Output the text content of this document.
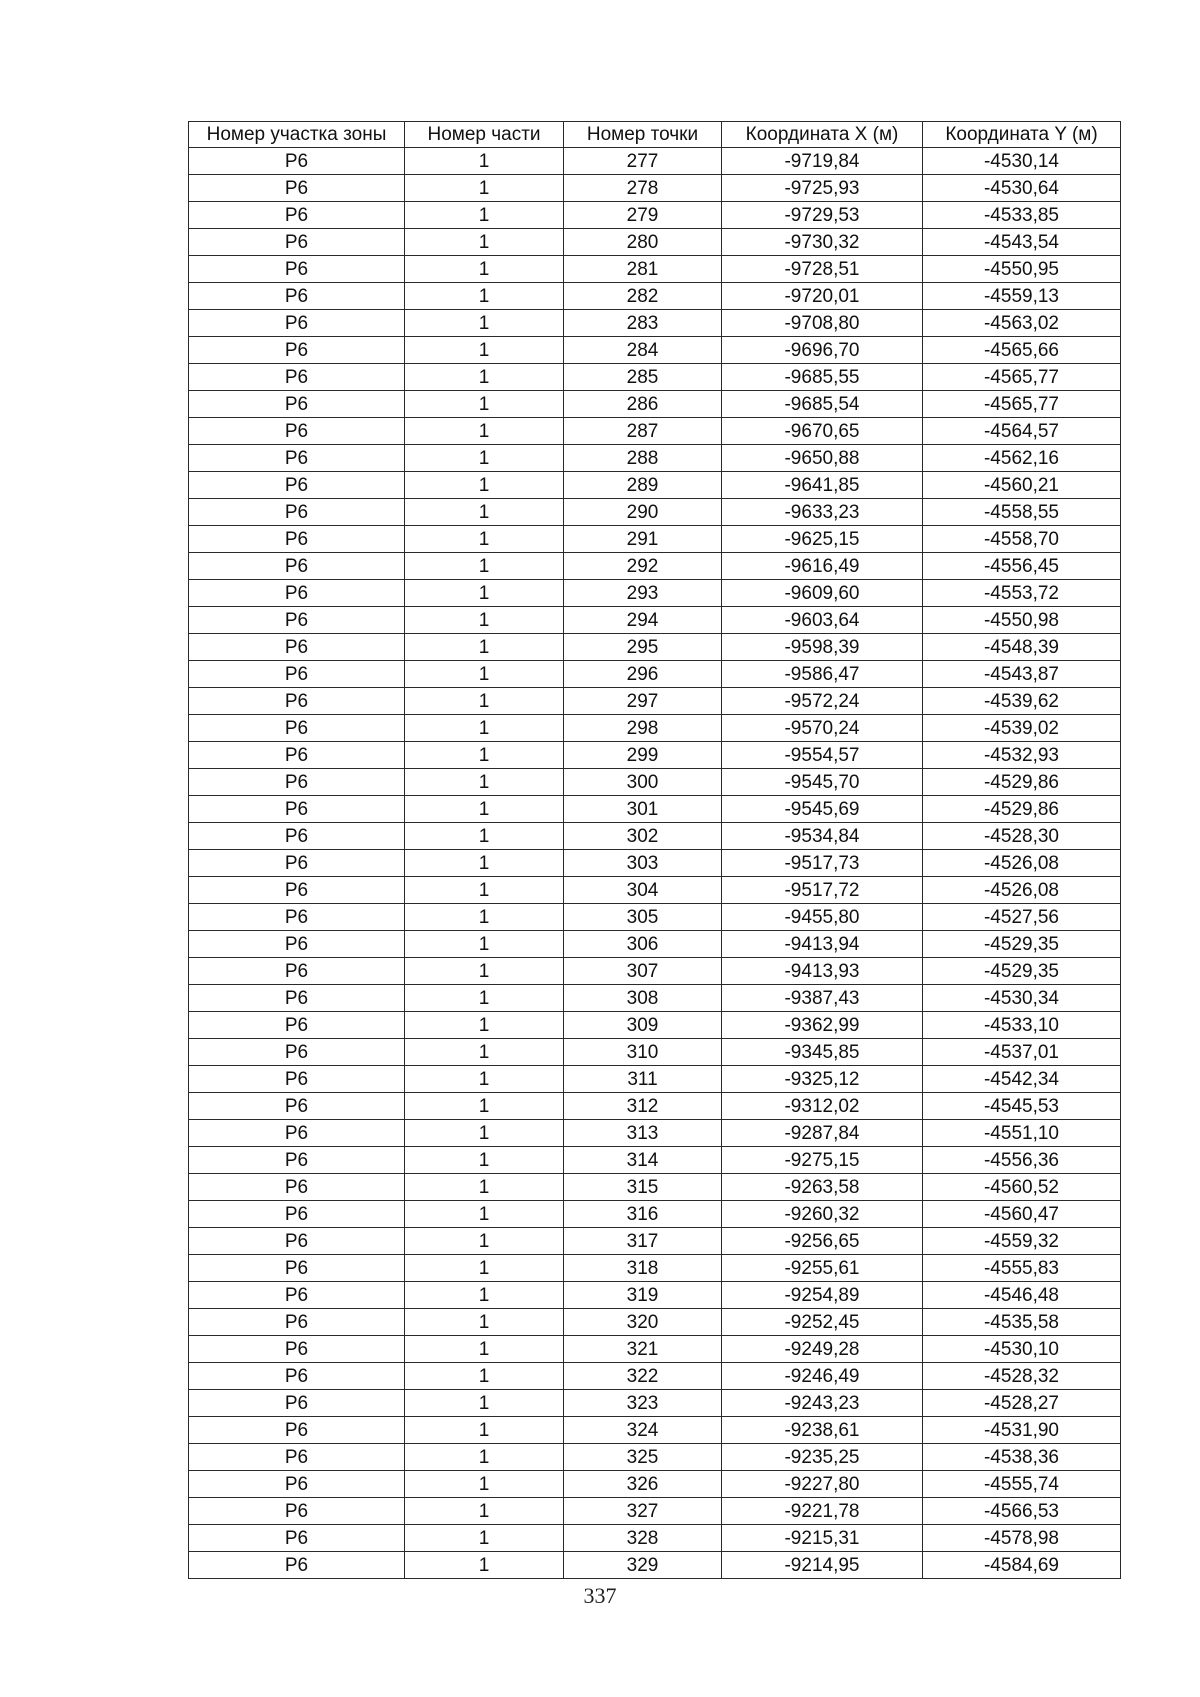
Номер участка зоны	Номер части	Номер точки	Координата X (м)	Координата Y (м)
Р6	1	277	-9719,84	-4530,14
Р6	1	278	-9725,93	-4530,64
Р6	1	279	-9729,53	-4533,85
Р6	1	280	-9730,32	-4543,54
Р6	1	281	-9728,51	-4550,95
Р6	1	282	-9720,01	-4559,13
Р6	1	283	-9708,80	-4563,02
Р6	1	284	-9696,70	-4565,66
Р6	1	285	-9685,55	-4565,77
Р6	1	286	-9685,54	-4565,77
Р6	1	287	-9670,65	-4564,57
Р6	1	288	-9650,88	-4562,16
Р6	1	289	-9641,85	-4560,21
Р6	1	290	-9633,23	-4558,55
Р6	1	291	-9625,15	-4558,70
Р6	1	292	-9616,49	-4556,45
Р6	1	293	-9609,60	-4553,72
Р6	1	294	-9603,64	-4550,98
Р6	1	295	-9598,39	-4548,39
Р6	1	296	-9586,47	-4543,87
Р6	1	297	-9572,24	-4539,62
Р6	1	298	-9570,24	-4539,02
Р6	1	299	-9554,57	-4532,93
Р6	1	300	-9545,70	-4529,86
Р6	1	301	-9545,69	-4529,86
Р6	1	302	-9534,84	-4528,30
Р6	1	303	-9517,73	-4526,08
Р6	1	304	-9517,72	-4526,08
Р6	1	305	-9455,80	-4527,56
Р6	1	306	-9413,94	-4529,35
Р6	1	307	-9413,93	-4529,35
Р6	1	308	-9387,43	-4530,34
Р6	1	309	-9362,99	-4533,10
Р6	1	310	-9345,85	-4537,01
Р6	1	311	-9325,12	-4542,34
Р6	1	312	-9312,02	-4545,53
Р6	1	313	-9287,84	-4551,10
Р6	1	314	-9275,15	-4556,36
Р6	1	315	-9263,58	-4560,52
Р6	1	316	-9260,32	-4560,47
Р6	1	317	-9256,65	-4559,32
Р6	1	318	-9255,61	-4555,83
Р6	1	319	-9254,89	-4546,48
Р6	1	320	-9252,45	-4535,58
Р6	1	321	-9249,28	-4530,10
Р6	1	322	-9246,49	-4528,32
Р6	1	323	-9243,23	-4528,27
Р6	1	324	-9238,61	-4531,90
Р6	1	325	-9235,25	-4538,36
Р6	1	326	-9227,80	-4555,74
Р6	1	327	-9221,78	-4566,53
Р6	1	328	-9215,31	-4578,98
Р6	1	329	-9214,95	-4584,69
337
